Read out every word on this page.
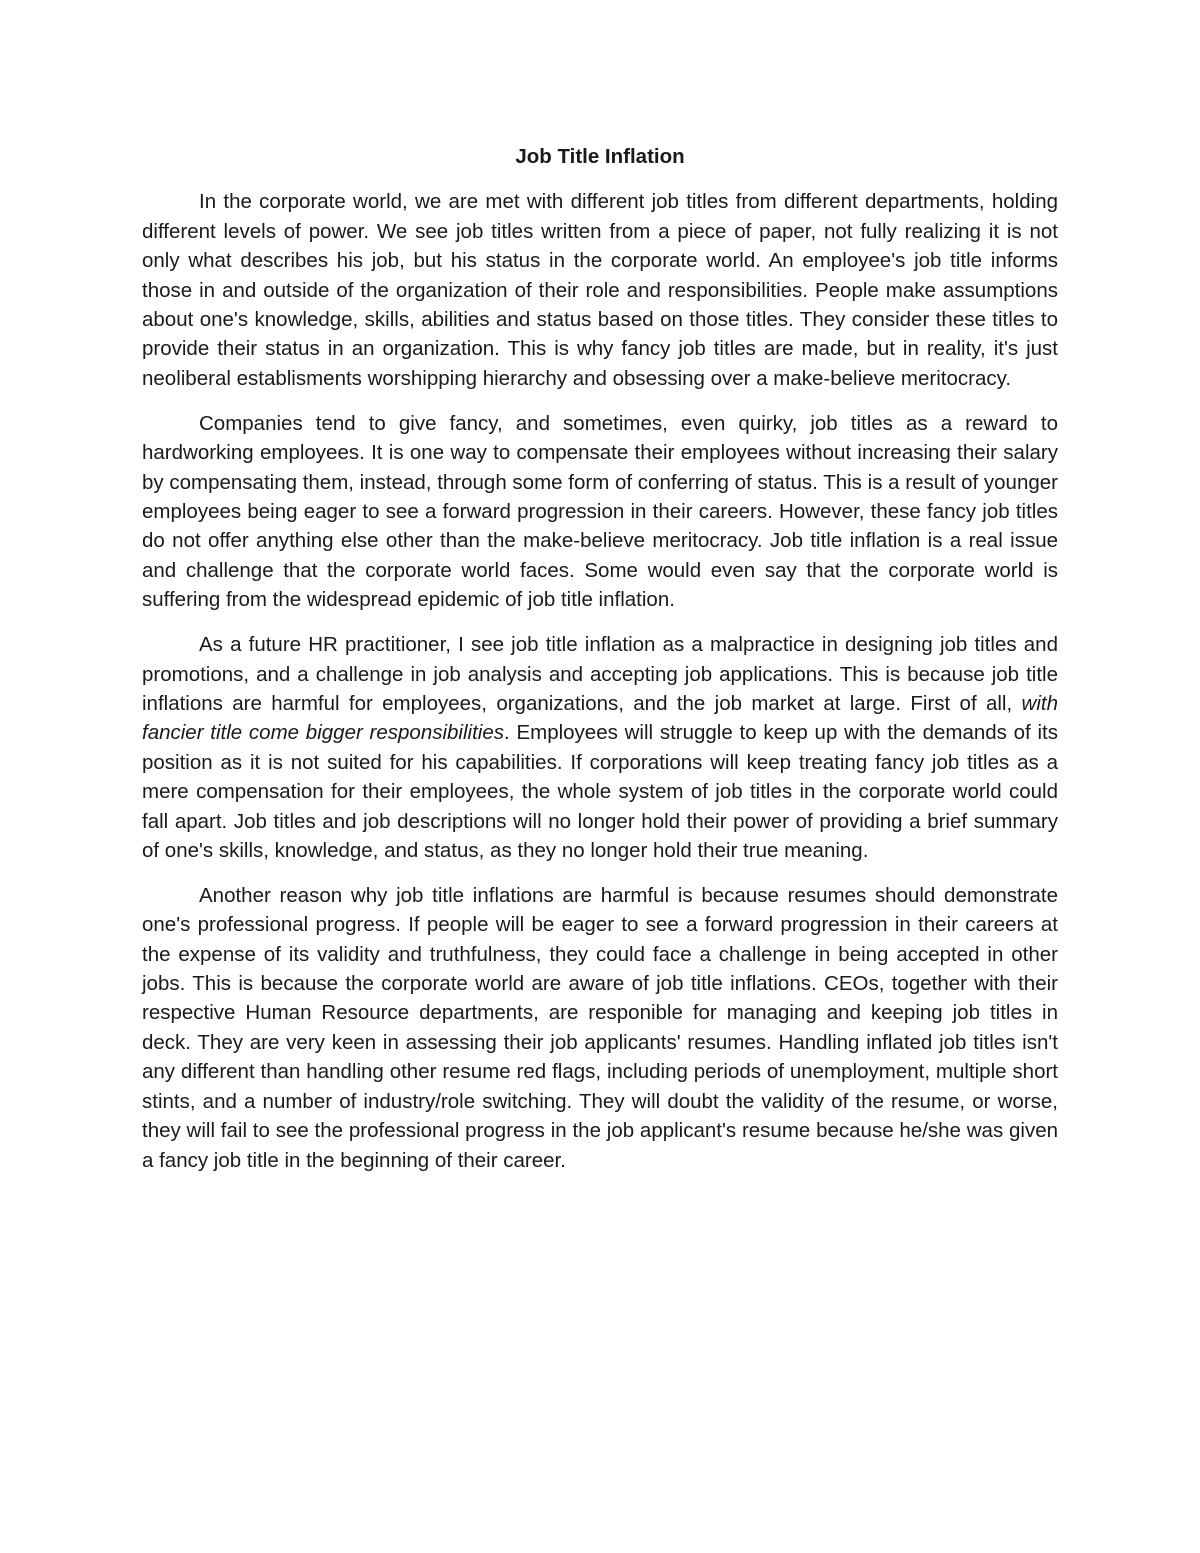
Job Title Inflation

In the corporate world, we are met with different job titles from different departments, holding different levels of power. We see job titles written from a piece of paper, not fully realizing it is not only what describes his job, but his status in the corporate world. An employee's job title informs those in and outside of the organization of their role and responsibilities. People make assumptions about one's knowledge, skills, abilities and status based on those titles. They consider these titles to provide their status in an organization. This is why fancy job titles are made, but in reality, it's just neoliberal establisments worshipping hierarchy and obsessing over a make-believe meritocracy.

Companies tend to give fancy, and sometimes, even quirky, job titles as a reward to hardworking employees. It is one way to compensate their employees without increasing their salary by compensating them, instead, through some form of conferring of status. This is a result of younger employees being eager to see a forward progression in their careers. However, these fancy job titles do not offer anything else other than the make-believe meritocracy. Job title inflation is a real issue and challenge that the corporate world faces. Some would even say that the corporate world is suffering from the widespread epidemic of job title inflation.

As a future HR practitioner, I see job title inflation as a malpractice in designing job titles and promotions, and a challenge in job analysis and accepting job applications. This is because job title inflations are harmful for employees, organizations, and the job market at large. First of all, with fancier title come bigger responsibilities. Employees will struggle to keep up with the demands of its position as it is not suited for his capabilities. If corporations will keep treating fancy job titles as a mere compensation for their employees, the whole system of job titles in the corporate world could fall apart. Job titles and job descriptions will no longer hold their power of providing a brief summary of one's skills, knowledge, and status, as they no longer hold their true meaning.

Another reason why job title inflations are harmful is because resumes should demonstrate one's professional progress. If people will be eager to see a forward progression in their careers at the expense of its validity and truthfulness, they could face a challenge in being accepted in other jobs. This is because the corporate world are aware of job title inflations. CEOs, together with their respective Human Resource departments, are responible for managing and keeping job titles in deck. They are very keen in assessing their job applicants' resumes. Handling inflated job titles isn't any different than handling other resume red flags, including periods of unemployment, multiple short stints, and a number of industry/role switching. They will doubt the validity of the resume, or worse, they will fail to see the professional progress in the job applicant's resume because he/she was given a fancy job title in the beginning of their career.
